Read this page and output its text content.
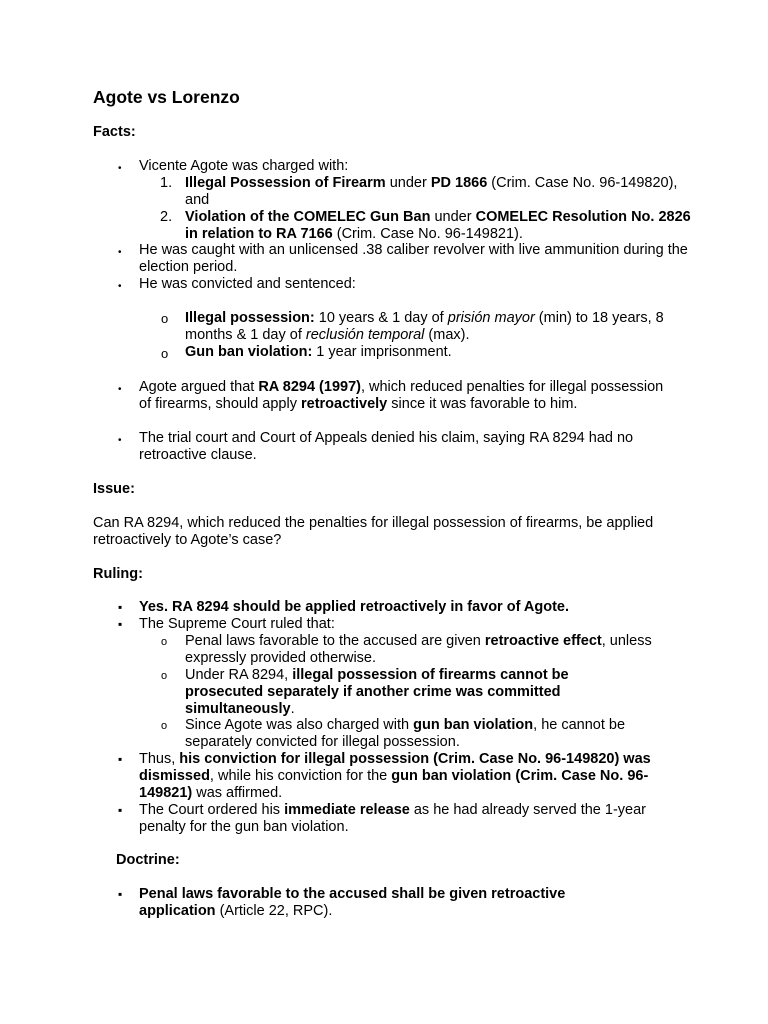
Agote vs Lorenzo
Facts:
• Vicente Agote was charged with:
1. Illegal Possession of Firearm under PD 1866 (Crim. Case No. 96-149820), and
2. Violation of the COMELEC Gun Ban under COMELEC Resolution No. 2826 in relation to RA 7166 (Crim. Case No. 96-149821).
• He was caught with an unlicensed .38 caliber revolver with live ammunition during the election period.
• He was convicted and sentenced:
o Illegal possession: 10 years & 1 day of prisión mayor (min) to 18 years, 8 months & 1 day of reclusión temporal (max).
o Gun ban violation: 1 year imprisonment.
• Agote argued that RA 8294 (1997), which reduced penalties for illegal possession of firearms, should apply retroactively since it was favorable to him.
• The trial court and Court of Appeals denied his claim, saying RA 8294 had no retroactive clause.
Issue:
Can RA 8294, which reduced the penalties for illegal possession of firearms, be applied retroactively to Agote’s case?
Ruling:
▪ Yes. RA 8294 should be applied retroactively in favor of Agote.
▪ The Supreme Court ruled that:
o Penal laws favorable to the accused are given retroactive effect, unless expressly provided otherwise.
o Under RA 8294, illegal possession of firearms cannot be prosecuted separately if another crime was committed simultaneously.
o Since Agote was also charged with gun ban violation, he cannot be separately convicted for illegal possession.
▪ Thus, his conviction for illegal possession (Crim. Case No. 96-149820) was dismissed, while his conviction for the gun ban violation (Crim. Case No. 96-149821) was affirmed.
▪ The Court ordered his immediate release as he had already served the 1-year penalty for the gun ban violation.
Doctrine:
▪ Penal laws favorable to the accused shall be given retroactive application (Article 22, RPC).
